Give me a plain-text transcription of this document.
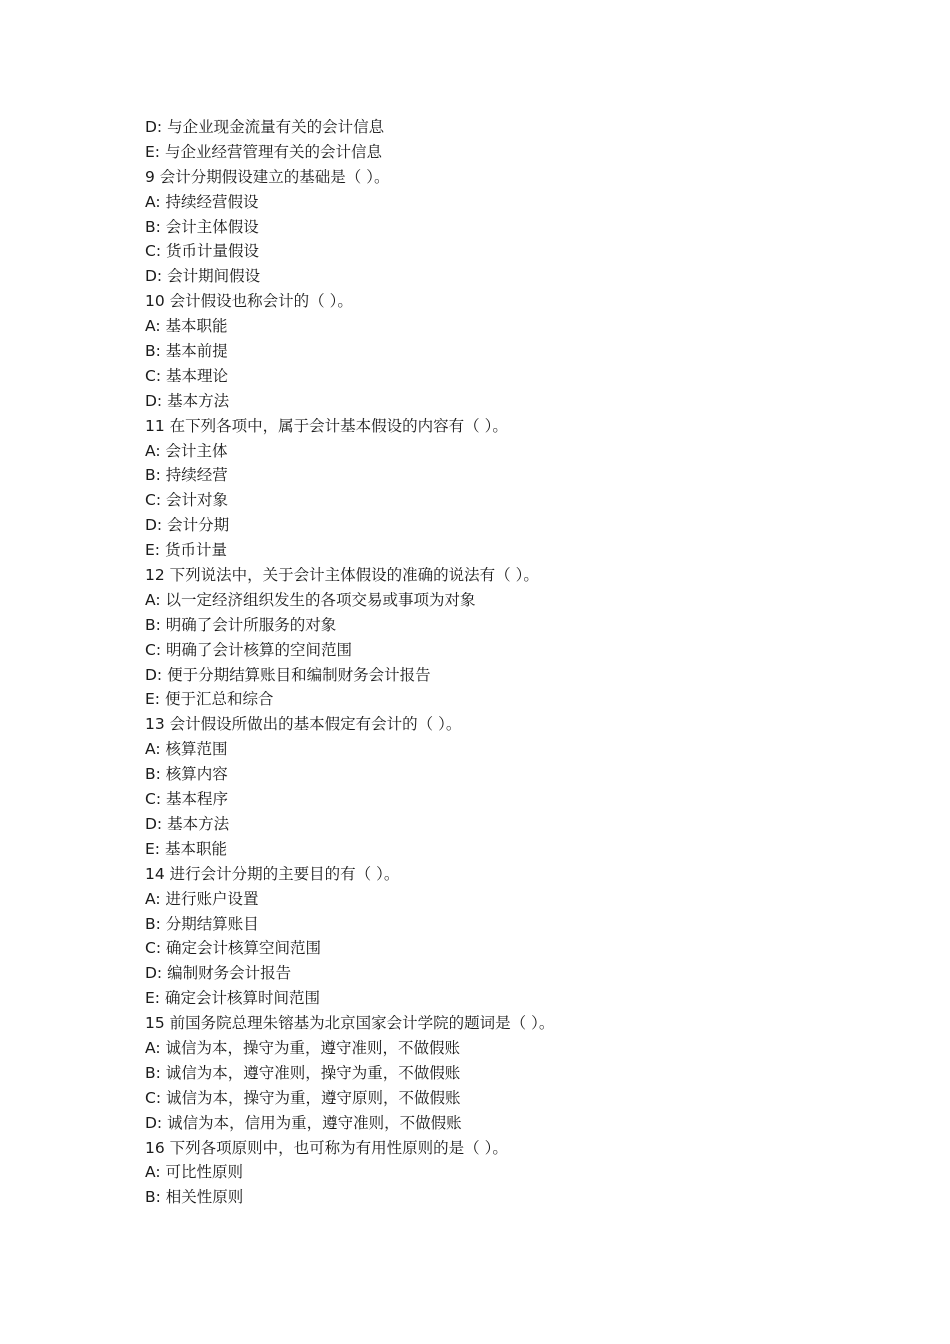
D: 与企业现金流量有关的会计信息
E: 与企业经营管理有关的会计信息
9 会计分期假设建立的基础是（ ）。
A: 持续经营假设
B: 会计主体假设
C: 货币计量假设
D: 会计期间假设
10 会计假设也称会计的（ ）。
A: 基本职能
B: 基本前提
C: 基本理论
D: 基本方法
11 在下列各项中，属于会计基本假设的内容有（ ）。
A: 会计主体
B: 持续经营
C: 会计对象
D: 会计分期
E: 货币计量
12 下列说法中，关于会计主体假设的准确的说法有（ ）。
A: 以一定经济组织发生的各项交易或事项为对象
B: 明确了会计所服务的对象
C: 明确了会计核算的空间范围
D: 便于分期结算账目和编制财务会计报告
E: 便于汇总和综合
13 会计假设所做出的基本假定有会计的（ ）。
A: 核算范围
B: 核算内容
C: 基本程序
D: 基本方法
E: 基本职能
14 进行会计分期的主要目的有（ ）。
A: 进行账户设置
B: 分期结算账目
C: 确定会计核算空间范围
D: 编制财务会计报告
E: 确定会计核算时间范围
15 前国务院总理朱镕基为北京国家会计学院的题词是（ ）。
A: 诚信为本，操守为重，遵守准则，不做假账
B: 诚信为本，遵守准则，操守为重，不做假账
C: 诚信为本，操守为重，遵守原则，不做假账
D: 诚信为本，信用为重，遵守准则，不做假账
16 下列各项原则中，也可称为有用性原则的是（ ）。
A: 可比性原则
B: 相关性原则
